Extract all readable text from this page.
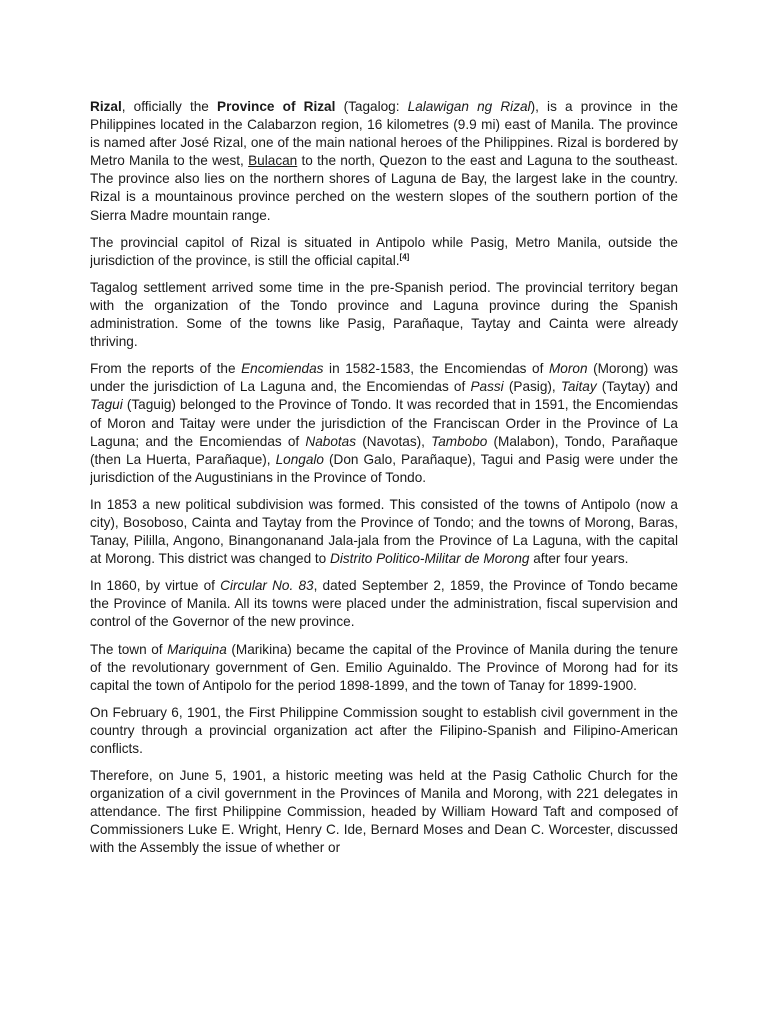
Rizal, officially the Province of Rizal (Tagalog: Lalawigan ng Rizal), is a province in the Philippines located in the Calabarzon region, 16 kilometres (9.9 mi) east of Manila. The province is named after José Rizal, one of the main national heroes of the Philippines. Rizal is bordered by Metro Manila to the west, Bulacan to the north, Quezon to the east and Laguna to the southeast. The province also lies on the northern shores of Laguna de Bay, the largest lake in the country. Rizal is a mountainous province perched on the western slopes of the southern portion of the Sierra Madre mountain range.

The provincial capitol of Rizal is situated in Antipolo while Pasig, Metro Manila, outside the jurisdiction of the province, is still the official capital.[4]

Tagalog settlement arrived some time in the pre-Spanish period. The provincial territory began with the organization of the Tondo province and Laguna province during the Spanish administration. Some of the towns like Pasig, Parañaque, Taytay and Cainta were already thriving.

From the reports of the Encomiendas in 1582-1583, the Encomiendas of Moron (Morong) was under the jurisdiction of La Laguna and, the Encomiendas of Passi (Pasig), Taitay (Taytay) and Tagui (Taguig) belonged to the Province of Tondo. It was recorded that in 1591, the Encomiendas of Moron and Taitay were under the jurisdiction of the Franciscan Order in the Province of La Laguna; and the Encomiendas of Nabotas (Navotas), Tambobo (Malabon), Tondo, Parañaque (then La Huerta, Parañaque), Longalo (Don Galo, Parañaque), Tagui and Pasig were under the jurisdiction of the Augustinians in the Province of Tondo.

In 1853 a new political subdivision was formed. This consisted of the towns of Antipolo (now a city), Bosoboso, Cainta and Taytay from the Province of Tondo; and the towns of Morong, Baras, Tanay, Pililla, Angono, Binangonanand Jala-jala from the Province of La Laguna, with the capital at Morong. This district was changed to Distrito Politico-Militar de Morong after four years.

In 1860, by virtue of Circular No. 83, dated September 2, 1859, the Province of Tondo became the Province of Manila. All its towns were placed under the administration, fiscal supervision and control of the Governor of the new province.

The town of Mariquina (Marikina) became the capital of the Province of Manila during the tenure of the revolutionary government of Gen. Emilio Aguinaldo. The Province of Morong had for its capital the town of Antipolo for the period 1898-1899, and the town of Tanay for 1899-1900.

On February 6, 1901, the First Philippine Commission sought to establish civil government in the country through a provincial organization act after the Filipino-Spanish and Filipino-American conflicts.

Therefore, on June 5, 1901, a historic meeting was held at the Pasig Catholic Church for the organization of a civil government in the Provinces of Manila and Morong, with 221 delegates in attendance. The first Philippine Commission, headed by William Howard Taft and composed of Commissioners Luke E. Wright, Henry C. Ide, Bernard Moses and Dean C. Worcester, discussed with the Assembly the issue of whether or
